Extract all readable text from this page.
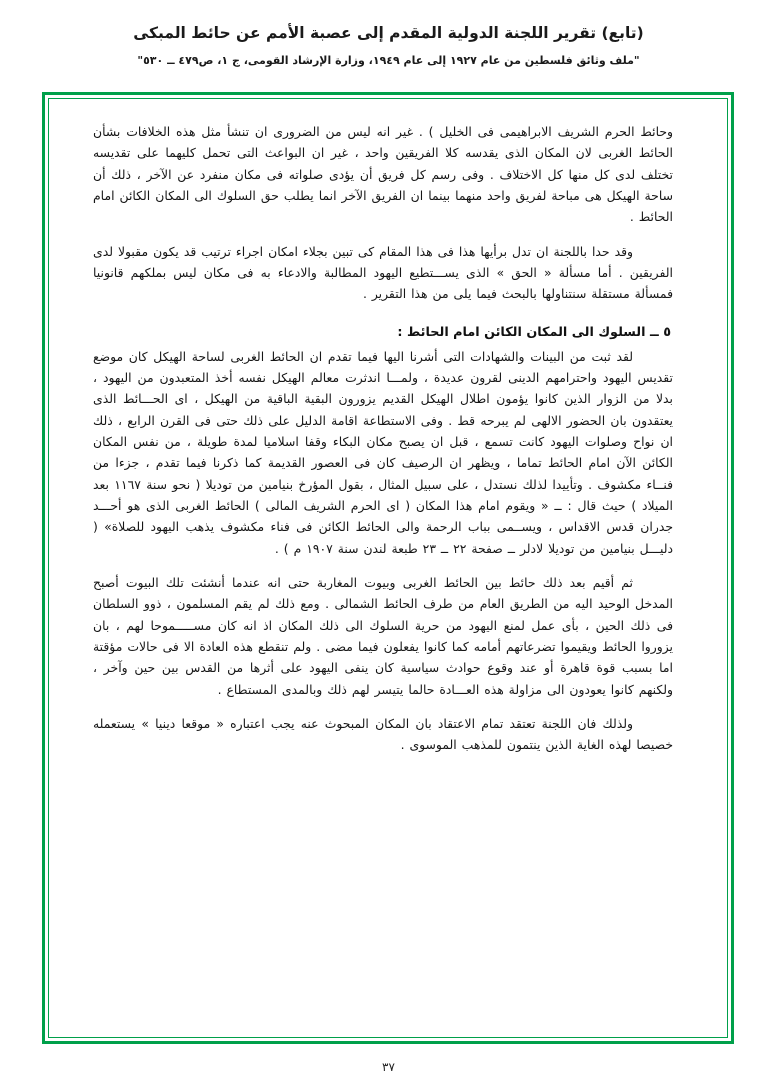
(تابع) تقرير اللجنة الدولية المقدم إلى عصبة الأمم عن حائط المبكى
"ملف وثائق فلسطين من عام ١٩٢٧ إلى عام ١٩٤٩، وزارة الإرشاد القومى، ج ١، ص٤٧٩ ــ ٥٣٠"

وحائط الحرم الشريف الابراهيمى فى الخليل ) . غير انه ليس من الضرورى ان تنشأ مثل هذه الخلافات بشأن الحائط الغربى لان المكان الذى يقدسه كلا الفريقين واحد ، غير ان البواعث التى تحمل كليهما على تقديسه تختلف لدى كل منها كل الاختلاف . وفى رسم كل فريق أن يؤدى صلواته فى مكان منفرد عن الآخر ، ذلك أن ساحة الهيكل هى مباحة لفريق واحد منهما بينما ان الفريق الآخر انما يطلب حق السلوك الى المكان الكائن امام الحائط .

وقد حدا باللجنة ان تدل برأيها هذا فى هذا المقام كى تبين بجلاء امكان اجراء ترتيب قد يكون مقبولا لدى الفريقين . أما مسألة « الحق » الذى يســـتطيع اليهود المطالبة والادعاء به فى مكان ليس بملكهم قانونيا فمسألة مستقلة سنتناولها بالبحث فيما يلى من هذا التقرير .

٥ ــ السلوك الى المكان الكائن امام الحائط :

لقد ثبت من البينات والشهادات التى أشرنا اليها فيما تقدم ان الحائط الغربى لساحة الهيكل كان موضع تقديس اليهود واحترامهم الدينى لقرون عديدة ، ولمـــا اندثرت معالم الهيكل نفسه أخذ المتعبدون من اليهود ، بدلا من الزوار الذين كانوا يؤمون اطلال الهيكل القديم يزورون البقية الباقية من الهيكل ، اى الحـــائط الذى يعتقدون بان الحضور الالهى لم يبرحه قط . وفى الاستطاعة اقامة الدليل على ذلك حتى فى القرن الرابع ، ذلك ان نواح وصلوات اليهود كانت تسمع ، قبل ان يصبح مكان البكاء وقفا اسلاميا لمدة طويلة ، من نفس المكان الكائن الآن امام الحائط تماما ، ويظهر ان الرصيف كان فى العصور القديمة كما ذكرنا فيما تقدم ، جزءا من فنــاء مكشوف . وتأييدا لذلك نستدل ، على سبيل المثال ، بقول المؤرخ بنيامين من توديلا ( نحو سنة ١١٦٧ بعد الميلاد ) حيث قال : ــ « ويقوم امام هذا المكان ( اى الحرم الشريف المالى ) الحائط الغربى الذى هو أحـــد جدران قدس الاقداس ، ويســمى بباب الرحمة والى الحائط الكائن فى فناء مكشوف يذهب اليهود للصلاة» ( دليـــل بنيامين من توديلا لادلر ــ صفحة ٢٢ ــ ٢٣ طبعة لندن سنة ١٩٠٧ م ) .

ثم أقيم بعد ذلك حائط بين الحائط الغربى وبيوت المغاربة حتى انه عندما أنشئت تلك البيوت أصبح المدخل الوحيد اليه من الطريق العام من طرف الحائط الشمالى . ومع ذلك لم يقم المسلمون ، ذوو السلطان فى ذلك الحين ، بأى عمل لمنع اليهود من حرية السلوك الى ذلك المكان اذ انه كان مســـــموحا لهم ، بان يزوروا الحائط ويقيموا تضرعاتهم أمامه كما كانوا يفعلون فيما مضى . ولم تنقطع هذه العادة الا فى حالات مؤقتة اما بسبب قوة قاهرة أو عند وقوع حوادث سياسية كان ينفى اليهود على أثرها من القدس بين حين وآخر ، ولكنهم كانوا يعودون الى مزاولة هذه العـــادة حالما يتيسر لهم ذلك وبالمدى المستطاع .

ولذلك فان اللجنة تعتقد تمام الاعتقاد بان المكان المبحوث عنه يجب اعتباره « موقعا دينيا » يستعمله خصيصا لهذه الغاية الذين ينتمون للمذهب الموسوى .

٣٧
